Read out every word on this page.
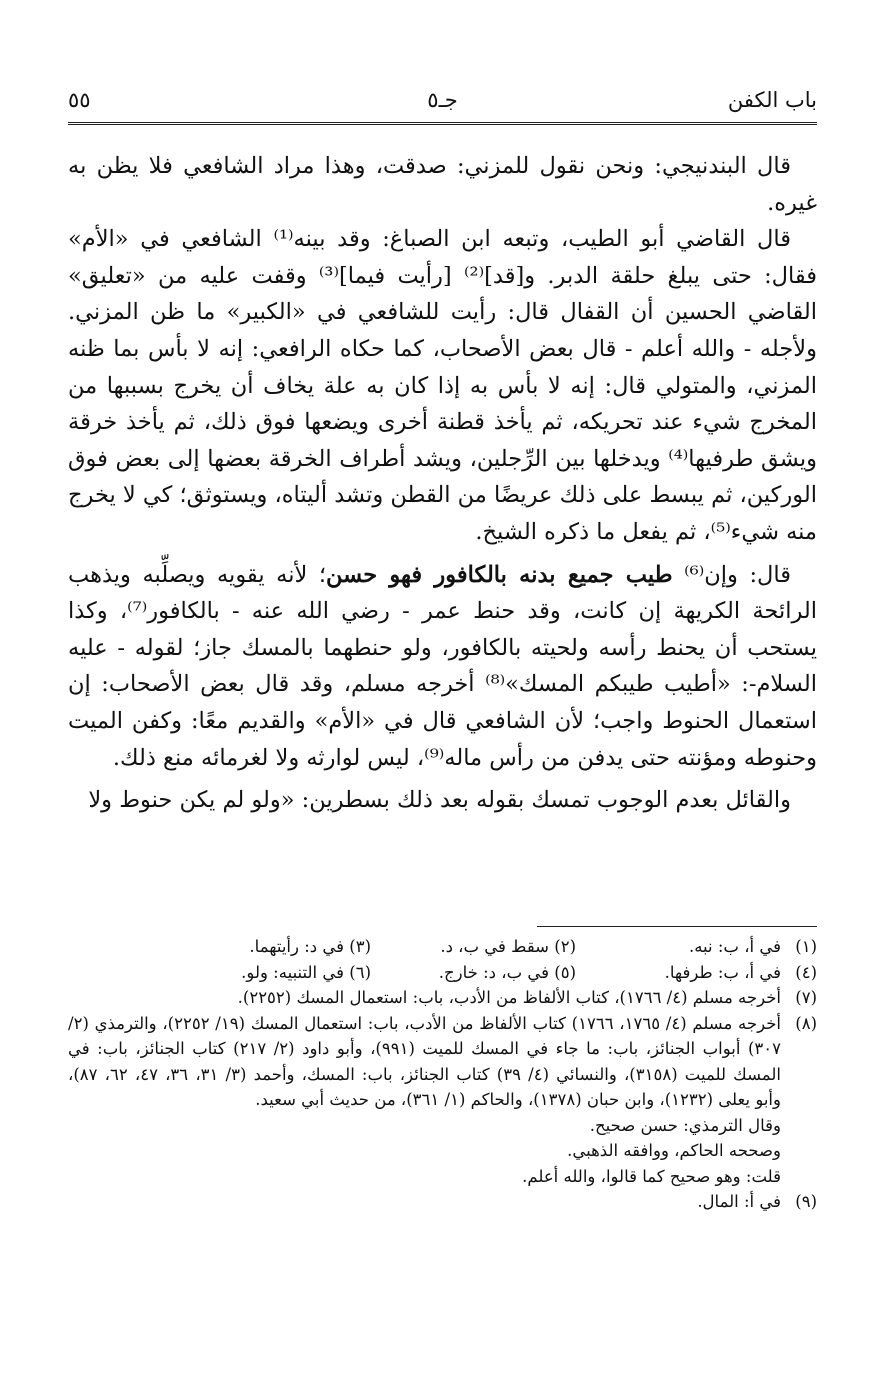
باب الكفن
جـ٥
٥٥

قال البندنيجي: ونحن نقول للمزني: صدقت، وهذا مراد الشافعي فلا يظن به غيره.

قال القاضي أبو الطيب، وتبعه ابن الصباغ: وقد بينه⁽¹⁾ الشافعي في «الأم» فقال: حتى يبلغ حلقة الدبر. و[قد]⁽²⁾ [رأيت فيما]⁽³⁾ وقفت عليه من «تعليق» القاضي الحسين أن القفال قال: رأيت للشافعي في «الكبير» ما ظن المزني. ولأجله - والله أعلم - قال بعض الأصحاب، كما حكاه الرافعي: إنه لا بأس بما ظنه المزني، والمتولي قال: إنه لا بأس به إذا كان به علة يخاف أن يخرج بسببها من المخرج شيء عند تحريكه، ثم يأخذ قطنة أخرى ويضعها فوق ذلك، ثم يأخذ خرقة ويشق طرفيها⁽⁴⁾ ويدخلها بين الرِّجلين، ويشد أطراف الخرقة بعضها إلى بعض فوق الوركين، ثم يبسط على ذلك عريضًا من القطن وتشد أليتاه، ويستوثق؛ كي لا يخرج منه شيء⁽⁵⁾، ثم يفعل ما ذكره الشيخ.

قال: وإن⁽⁶⁾ طيب جميع بدنه بالكافور فهو حسن؛ لأنه يقويه ويصلِّبه ويذهب الرائحة الكريهة إن كانت، وقد حنط عمر - رضي الله عنه - بالكافور⁽⁷⁾، وكذا يستحب أن يحنط رأسه ولحيته بالكافور، ولو حنطهما بالمسك جاز؛ لقوله - عليه السلام-: «أطيب طيبكم المسك»⁽⁸⁾ أخرجه مسلم، وقد قال بعض الأصحاب: إن استعمال الحنوط واجب؛ لأن الشافعي قال في «الأم» والقديم معًا: وكفن الميت وحنوطه ومؤنته حتى يدفن من رأس ماله⁽⁹⁾، ليس لوارثه ولا لغرمائه منع ذلك.

والقائل بعدم الوجوب تمسك بقوله بعد ذلك بسطرين: «ولو لم يكن حنوط ولا

(١)
في أ، ب: نبه.
(٢) سقط في ب، د.
(٣) في د: رأيتهما.
(٤)
في أ، ب: طرفها.
(٥) في ب، د: خارج.
(٦) في التنبيه: ولو.
(٧)
أخرجه مسلم (٤/ ١٧٦٦)، كتاب الألفاظ من الأدب، باب: استعمال المسك (٢٢٥٢).
(٨)
أخرجه مسلم (٤/ ١٧٦٥، ١٧٦٦) كتاب الألفاظ من الأدب، باب: استعمال المسك (١٩/ ٢٢٥٢)، والترمذي (٢/ ٣٠٧) أبواب الجنائز، باب: ما جاء في المسك للميت (٩٩١)، وأبو داود (٢/ ٢١٧) كتاب الجنائز، باب: في المسك للميت (٣١٥٨)، والنسائي (٤/ ٣٩) كتاب الجنائز، باب: المسك، وأحمد (٣/ ٣١، ٣٦، ٤٧، ٦٢، ٨٧)، وأبو يعلى (١٢٣٢)، وابن حبان (١٣٧٨)، والحاكم (١/ ٣٦١)، من حديث أبي سعيد.
وقال الترمذي: حسن صحيح.
وصححه الحاكم، ووافقه الذهبي.
قلت: وهو صحيح كما قالوا، والله أعلم.
(٩)
في أ: المال.
